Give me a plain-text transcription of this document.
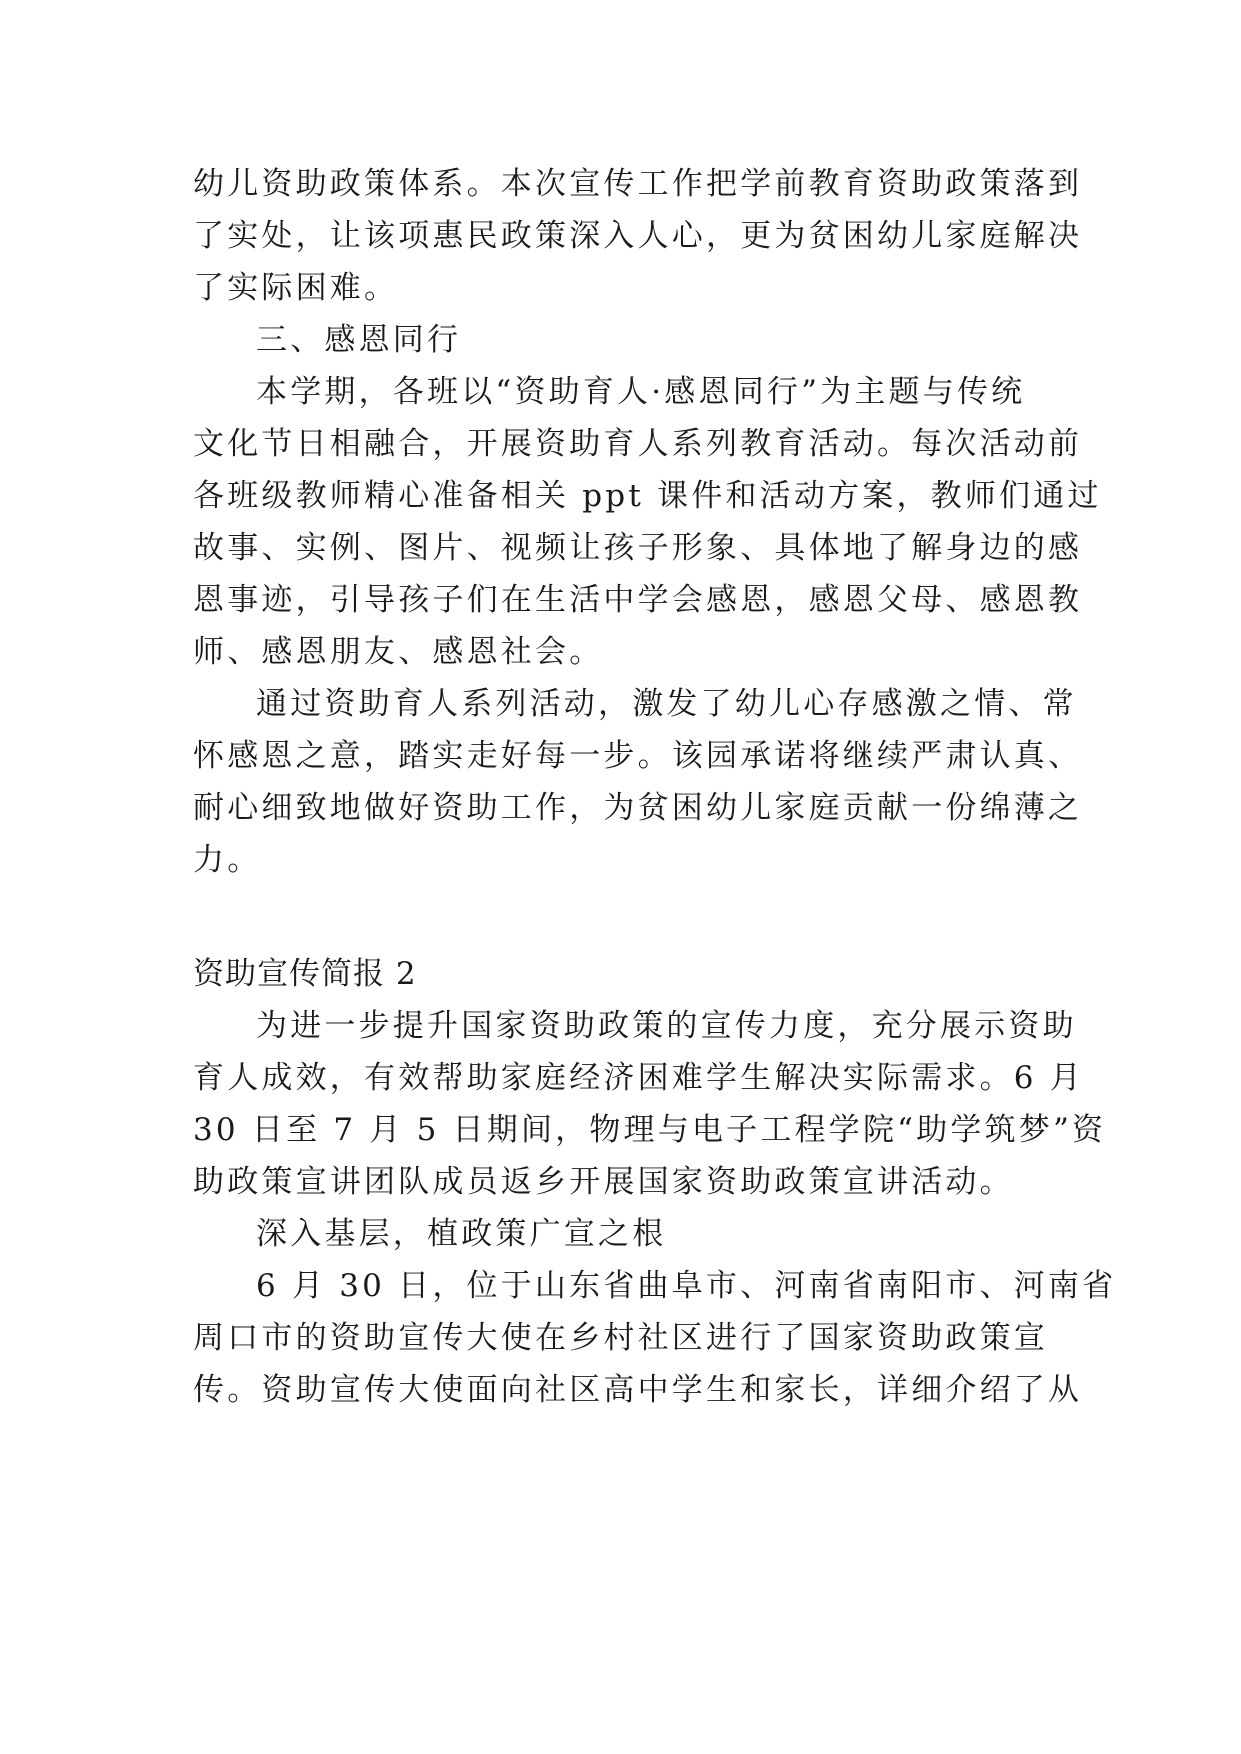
幼儿资助政策体系。本次宣传工作把学前教育资助政策落到
了实处，让该项惠民政策深入人心，更为贫困幼儿家庭解决
了实际困难。
三、感恩同行
本学期，各班以“资助育人·感恩同行”为主题与传统
文化节日相融合，开展资助育人系列教育活动。每次活动前
各班级教师精心准备相关 ppt 课件和活动方案，教师们通过
故事、实例、图片、视频让孩子形象、具体地了解身边的感
恩事迹，引导孩子们在生活中学会感恩，感恩父母、感恩教
师、感恩朋友、感恩社会。
通过资助育人系列活动，激发了幼儿心存感激之情、常
怀感恩之意，踏实走好每一步。该园承诺将继续严肃认真、
耐心细致地做好资助工作，为贫困幼儿家庭贡献一份绵薄之
力。
资助宣传简报 2
为进一步提升国家资助政策的宣传力度，充分展示资助
育人成效，有效帮助家庭经济困难学生解决实际需求。6 月
30 日至 7 月 5 日期间，物理与电子工程学院“助学筑梦”资
助政策宣讲团队成员返乡开展国家资助政策宣讲活动。
深入基层，植政策广宣之根
6 月 30 日，位于山东省曲阜市、河南省南阳市、河南省
周口市的资助宣传大使在乡村社区进行了国家资助政策宣
传。资助宣传大使面向社区高中学生和家长，详细介绍了从
